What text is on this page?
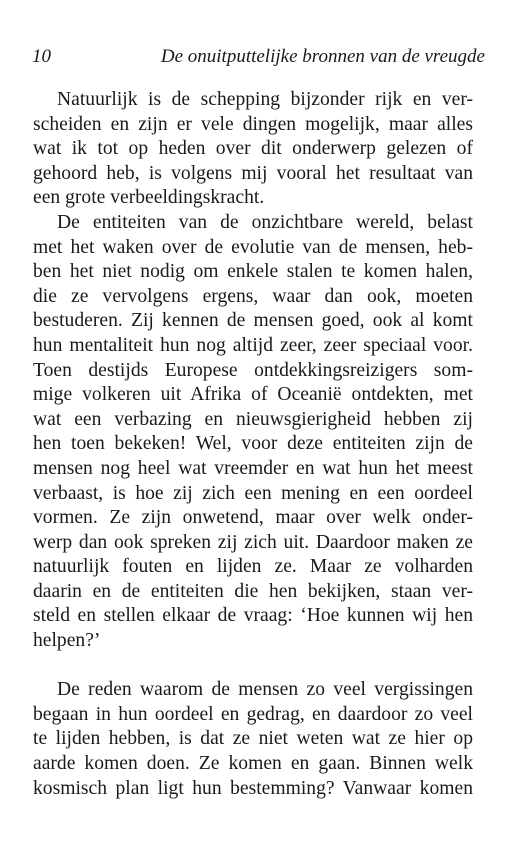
10	De onuitputtelijke bronnen van de vreugde

Natuurlijk is de schepping bijzonder rijk en ver-
scheiden en zijn er vele dingen mogelijk, maar alles
wat ik tot op heden over dit onderwerp gelezen of
gehoord heb, is volgens mij vooral het resultaat van
een grote verbeeldingskracht.

De entiteiten van de onzichtbare wereld, belast
met het waken over de evolutie van de mensen, heb-
ben het niet nodig om enkele stalen te komen halen,
die ze vervolgens ergens, waar dan ook, moeten
bestuderen. Zij kennen de mensen goed, ook al komt
hun mentaliteit hun nog altijd zeer, zeer speciaal voor.
Toen destijds Europese ontdekkingsreizigers som-
mige volkeren uit Afrika of Oceanië ontdekten, met
wat een verbazing en nieuwsgierigheid hebben zij
hen toen bekeken! Wel, voor deze entiteiten zijn de
mensen nog heel wat vreemder en wat hun het meest
verbaast, is hoe zij zich een mening en een oordeel
vormen. Ze zijn onwetend, maar over welk onder-
werp dan ook spreken zij zich uit. Daardoor maken ze
natuurlijk fouten en lijden ze. Maar ze volharden
daarin en de entiteiten die hen bekijken, staan ver-
steld en stellen elkaar de vraag: ‘Hoe kunnen wij hen
helpen?’

De reden waarom de mensen zo veel vergissingen
begaan in hun oordeel en gedrag, en daardoor zo veel
te lijden hebben, is dat ze niet weten wat ze hier op
aarde komen doen. Ze komen en gaan. Binnen welk
kosmisch plan ligt hun bestemming? Vanwaar komen
